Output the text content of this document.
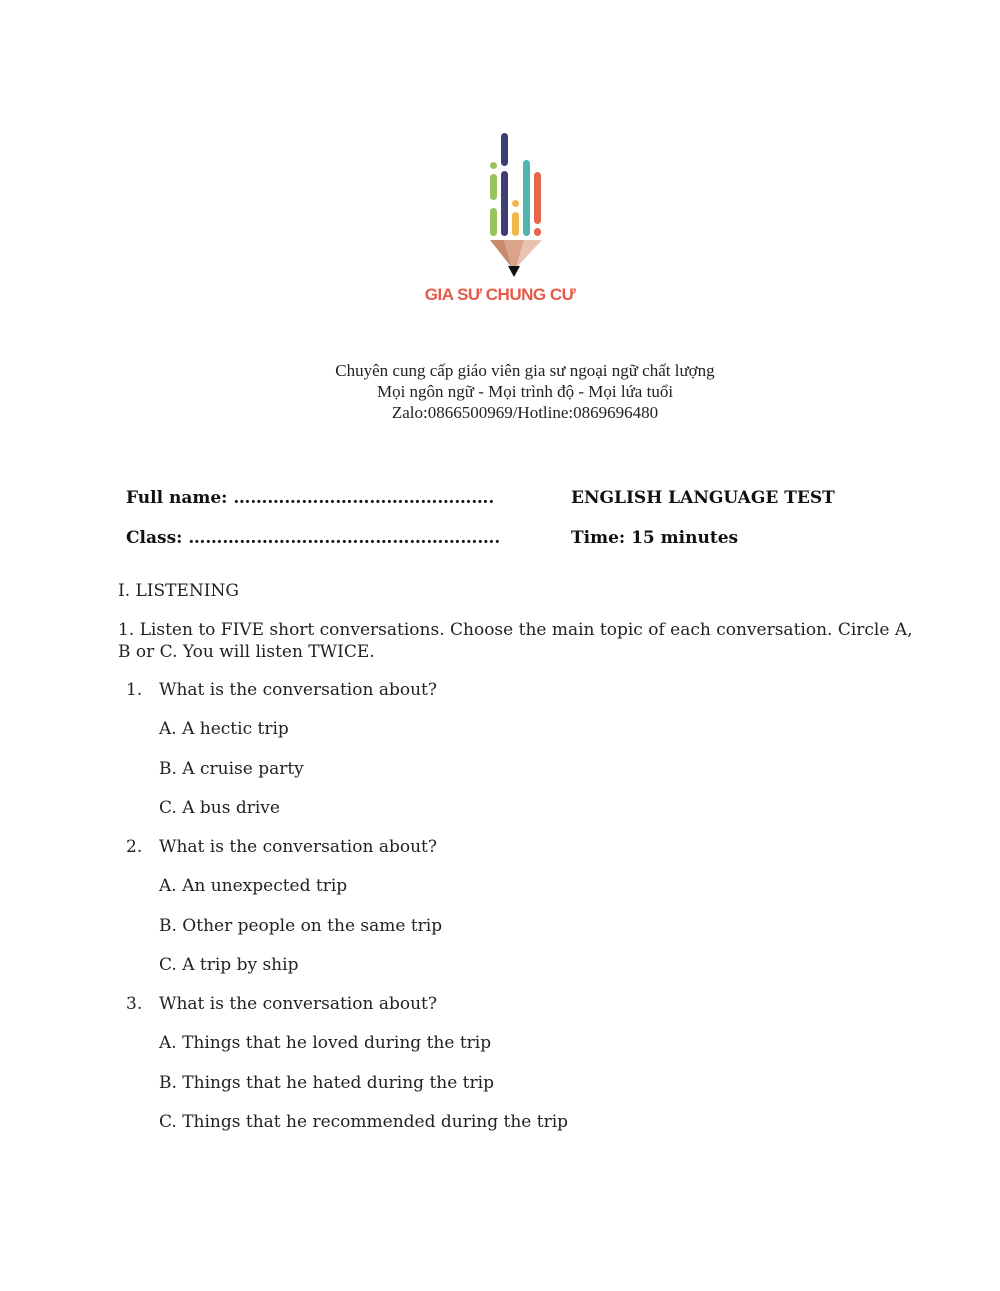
GIA SƯ CHUNG CƯ
Chuyên cung cấp giáo viên gia sư ngoại ngữ chất lượng
Mọi ngôn ngữ - Mọi trình độ - Mọi lứa tuổi
Zalo:0866500969/Hotline:0869696480
Full name: ……………………………………….
Class: ……………………………………………….
ENGLISH LANGUAGE TEST
Time: 15 minutes
I. LISTENING
1. Listen to FIVE short conversations. Choose the main topic of each conversation. Circle A,
B or C. You will listen TWICE.
1. What is the conversation about?
A. A hectic trip
B. A cruise party
C. A bus drive
2. What is the conversation about?
A. An unexpected trip
B. Other people on the same trip
C. A trip by ship
3. What is the conversation about?
A. Things that he loved during the trip
B. Things that he hated during the trip
C. Things that he recommended during the trip
